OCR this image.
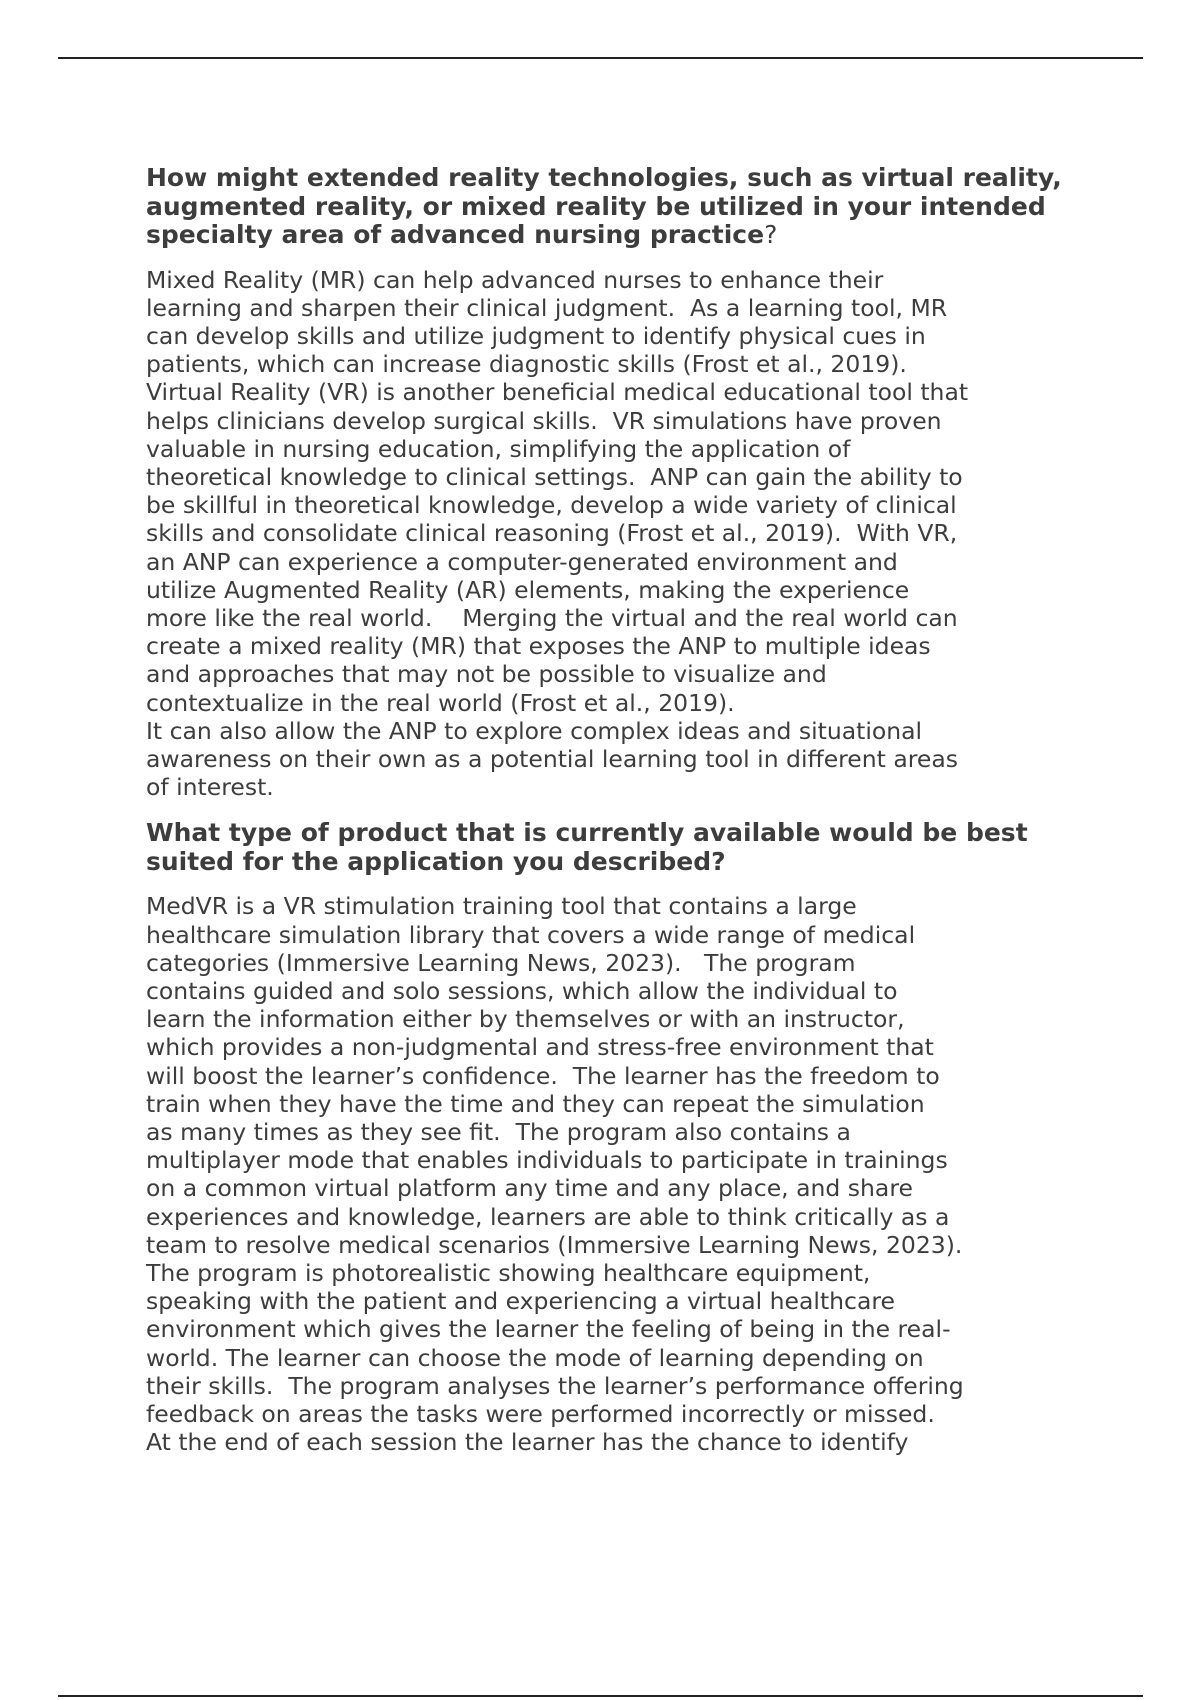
How might extended reality technologies, such as virtual reality, augmented reality, or mixed reality be utilized in your intended specialty area of advanced nursing practice?

Mixed Reality (MR) can help advanced nurses to enhance their
learning and sharpen their clinical judgment.  As a learning tool, MR
can develop skills and utilize judgment to identify physical cues in
patients, which can increase diagnostic skills (Frost et al., 2019).
Virtual Reality (VR) is another beneficial medical educational tool that
helps clinicians develop surgical skills.  VR simulations have proven
valuable in nursing education, simplifying the application of
theoretical knowledge to clinical settings.  ANP can gain the ability to
be skillful in theoretical knowledge, develop a wide variety of clinical
skills and consolidate clinical reasoning (Frost et al., 2019).  With VR,
an ANP can experience a computer-generated environment and
utilize Augmented Reality (AR) elements, making the experience
more like the real world.    Merging the virtual and the real world can
create a mixed reality (MR) that exposes the ANP to multiple ideas
and approaches that may not be possible to visualize and
contextualize in the real world (Frost et al., 2019).
It can also allow the ANP to explore complex ideas and situational
awareness on their own as a potential learning tool in different areas
of interest.

What type of product that is currently available would be best suited for the application you described?

MedVR is a VR stimulation training tool that contains a large
healthcare simulation library that covers a wide range of medical
categories (Immersive Learning News, 2023).   The program
contains guided and solo sessions, which allow the individual to
learn the information either by themselves or with an instructor,
which provides a non-judgmental and stress-free environment that
will boost the learner’s confidence.  The learner has the freedom to
train when they have the time and they can repeat the simulation
as many times as they see fit.  The program also contains a
multiplayer mode that enables individuals to participate in trainings
on a common virtual platform any time and any place, and share
experiences and knowledge, learners are able to think critically as a
team to resolve medical scenarios (Immersive Learning News, 2023).
The program is photorealistic showing healthcare equipment,
speaking with the patient and experiencing a virtual healthcare
environment which gives the learner the feeling of being in the real-
world. The learner can choose the mode of learning depending on
their skills.  The program analyses the learner’s performance offering
feedback on areas the tasks were performed incorrectly or missed.
At the end of each session the learner has the chance to identify
